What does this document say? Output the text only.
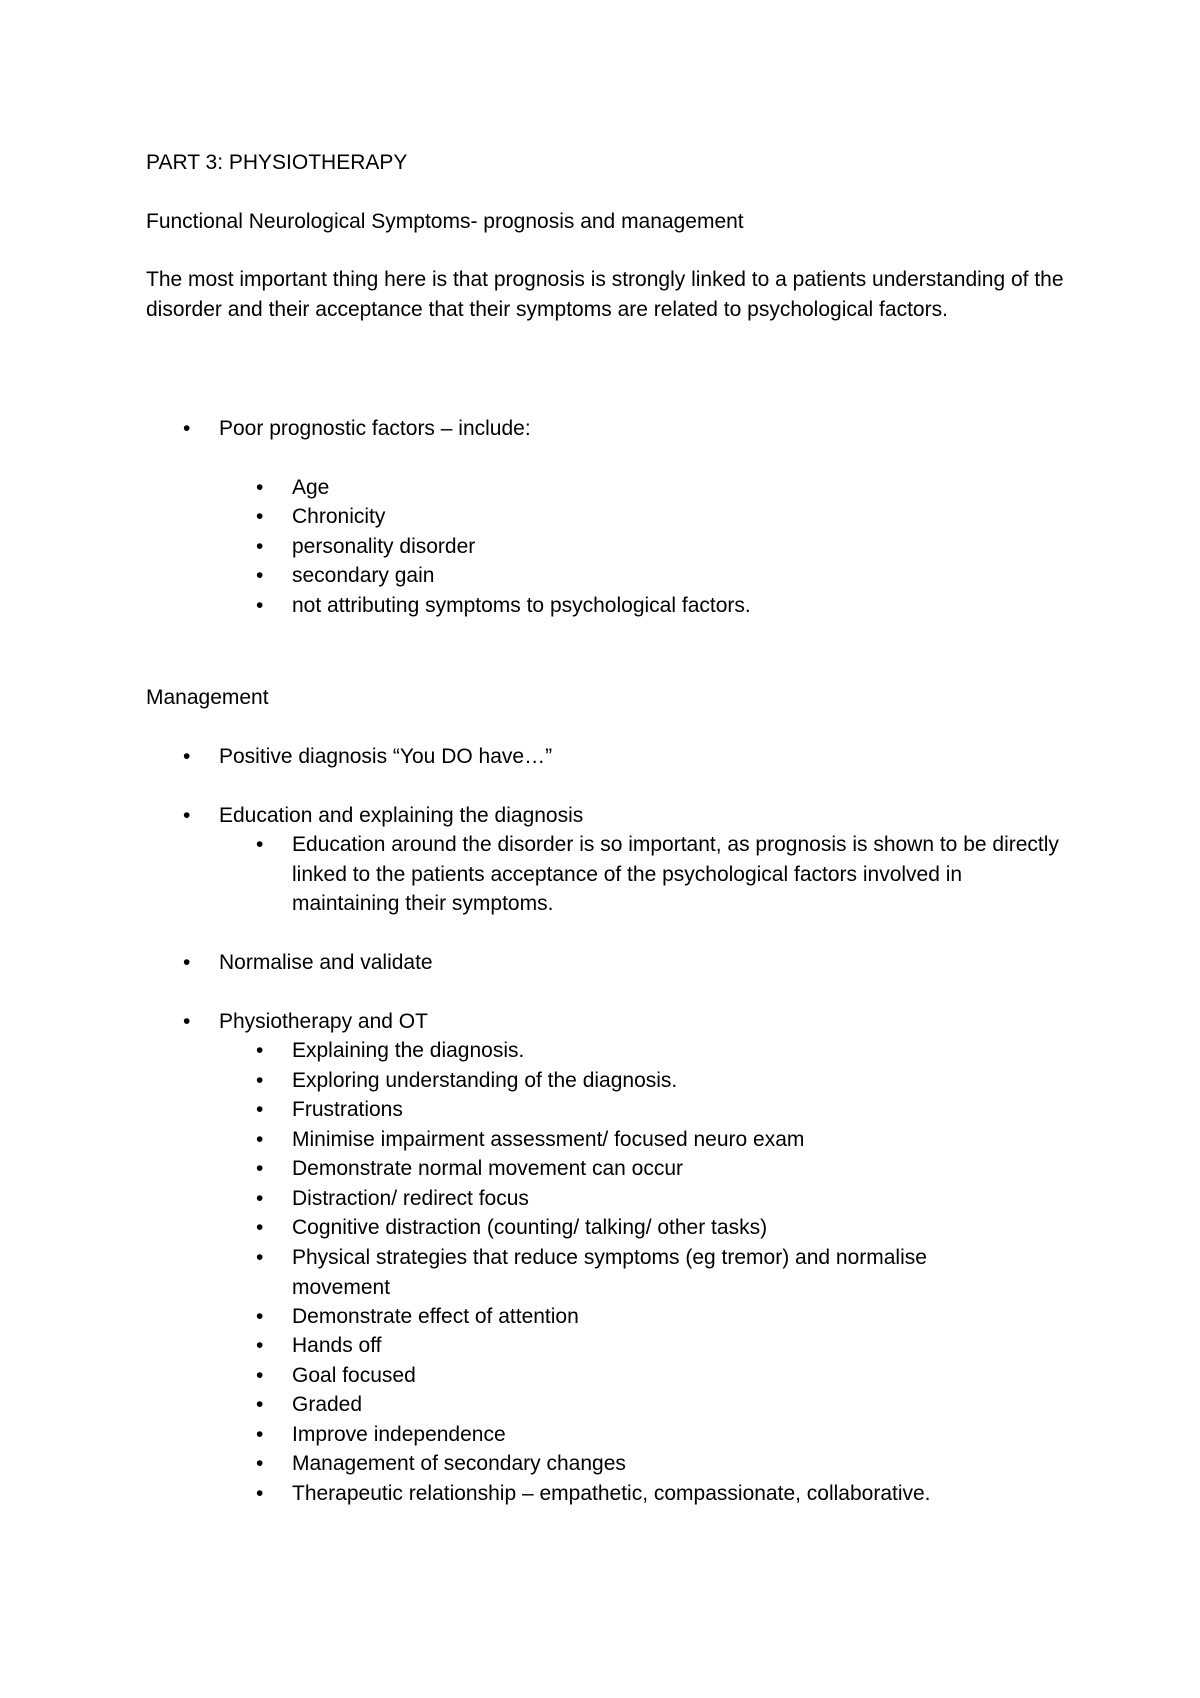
PART 3: PHYSIOTHERAPY
Functional Neurological Symptoms- prognosis and management
The most important thing here is that prognosis is strongly linked to a patients understanding of the disorder and their acceptance that their symptoms are related to psychological factors.
• Poor prognostic factors – include:
• Age
• Chronicity
• personality disorder
• secondary gain
• not attributing symptoms to psychological factors.
Management
• Positive diagnosis “You DO have…”
• Education and explaining the diagnosis
• Education around the disorder is so important, as prognosis is shown to be directly linked to the patients acceptance of the psychological factors involved in maintaining their symptoms.
• Normalise and validate
• Physiotherapy and OT
• Explaining the diagnosis.
• Exploring understanding of the diagnosis.
• Frustrations
• Minimise impairment assessment/ focused neuro exam
• Demonstrate normal movement can occur
• Distraction/ redirect focus
• Cognitive distraction (counting/ talking/ other tasks)
• Physical strategies that reduce symptoms (eg tremor) and normalise movement
• Demonstrate effect of attention
• Hands off
• Goal focused
• Graded
• Improve independence
• Management of secondary changes
• Therapeutic relationship – empathetic, compassionate, collaborative.
